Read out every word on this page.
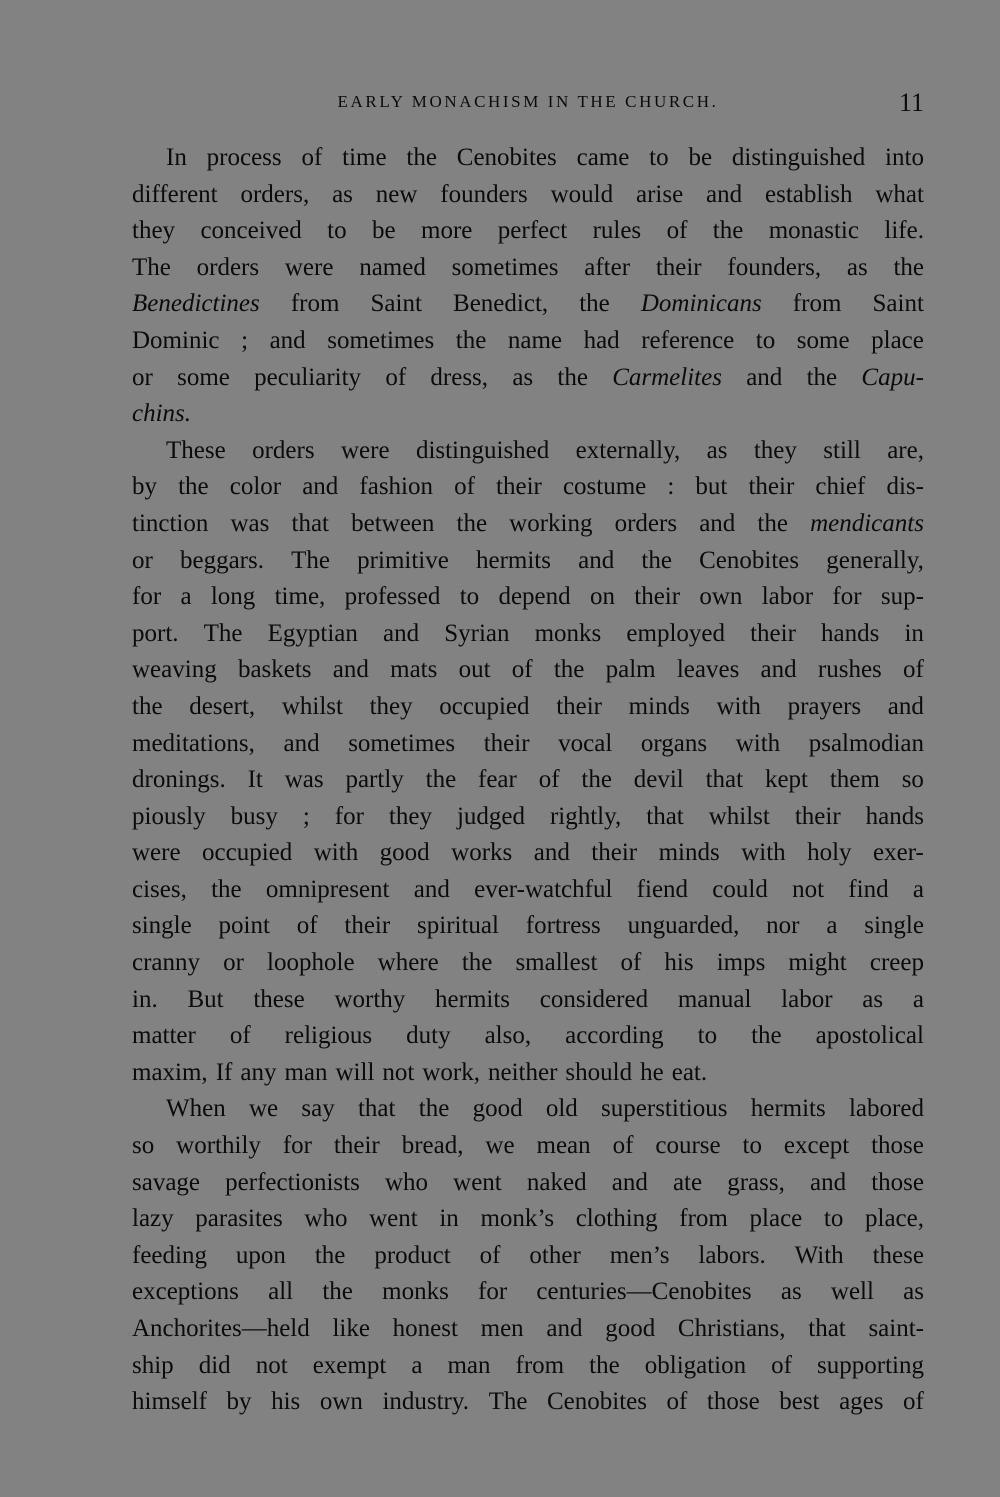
EARLY MONACHISM IN THE CHURCH.	11
In process of time the Cenobites came to be distinguished into
different orders, as new founders would arise and establish what
they conceived to be more perfect rules of the monastic life.
The orders were named sometimes after their founders, as the
Benedictines from Saint Benedict, the Dominicans from Saint
Dominic ; and sometimes the name had reference to some place
or some peculiarity of dress, as the Carmelites and the Capu-
chins.
These orders were distinguished externally, as they still are,
by the color and fashion of their costume : but their chief dis-
tinction was that between the working orders and the mendicants
or beggars. The primitive hermits and the Cenobites generally,
for a long time, professed to depend on their own labor for sup-
port. The Egyptian and Syrian monks employed their hands in
weaving baskets and mats out of the palm leaves and rushes of
the desert, whilst they occupied their minds with prayers and
meditations, and sometimes their vocal organs with psalmodian
dronings. It was partly the fear of the devil that kept them so
piously busy ; for they judged rightly, that whilst their hands
were occupied with good works and their minds with holy exer-
cises, the omnipresent and ever-watchful fiend could not find a
single point of their spiritual fortress unguarded, nor a single
cranny or loophole where the smallest of his imps might creep
in. But these worthy hermits considered manual labor as a
matter of religious duty also, according to the apostolical
maxim, If any man will not work, neither should he eat.
When we say that the good old superstitious hermits labored
so worthily for their bread, we mean of course to except those
savage perfectionists who went naked and ate grass, and those
lazy parasites who went in monk’s clothing from place to place,
feeding upon the product of other men’s labors. With these
exceptions all the monks for centuries—Cenobites as well as
Anchorites—held like honest men and good Christians, that saint-
ship did not exempt a man from the obligation of supporting
himself by his own industry. The Cenobites of those best ages of
